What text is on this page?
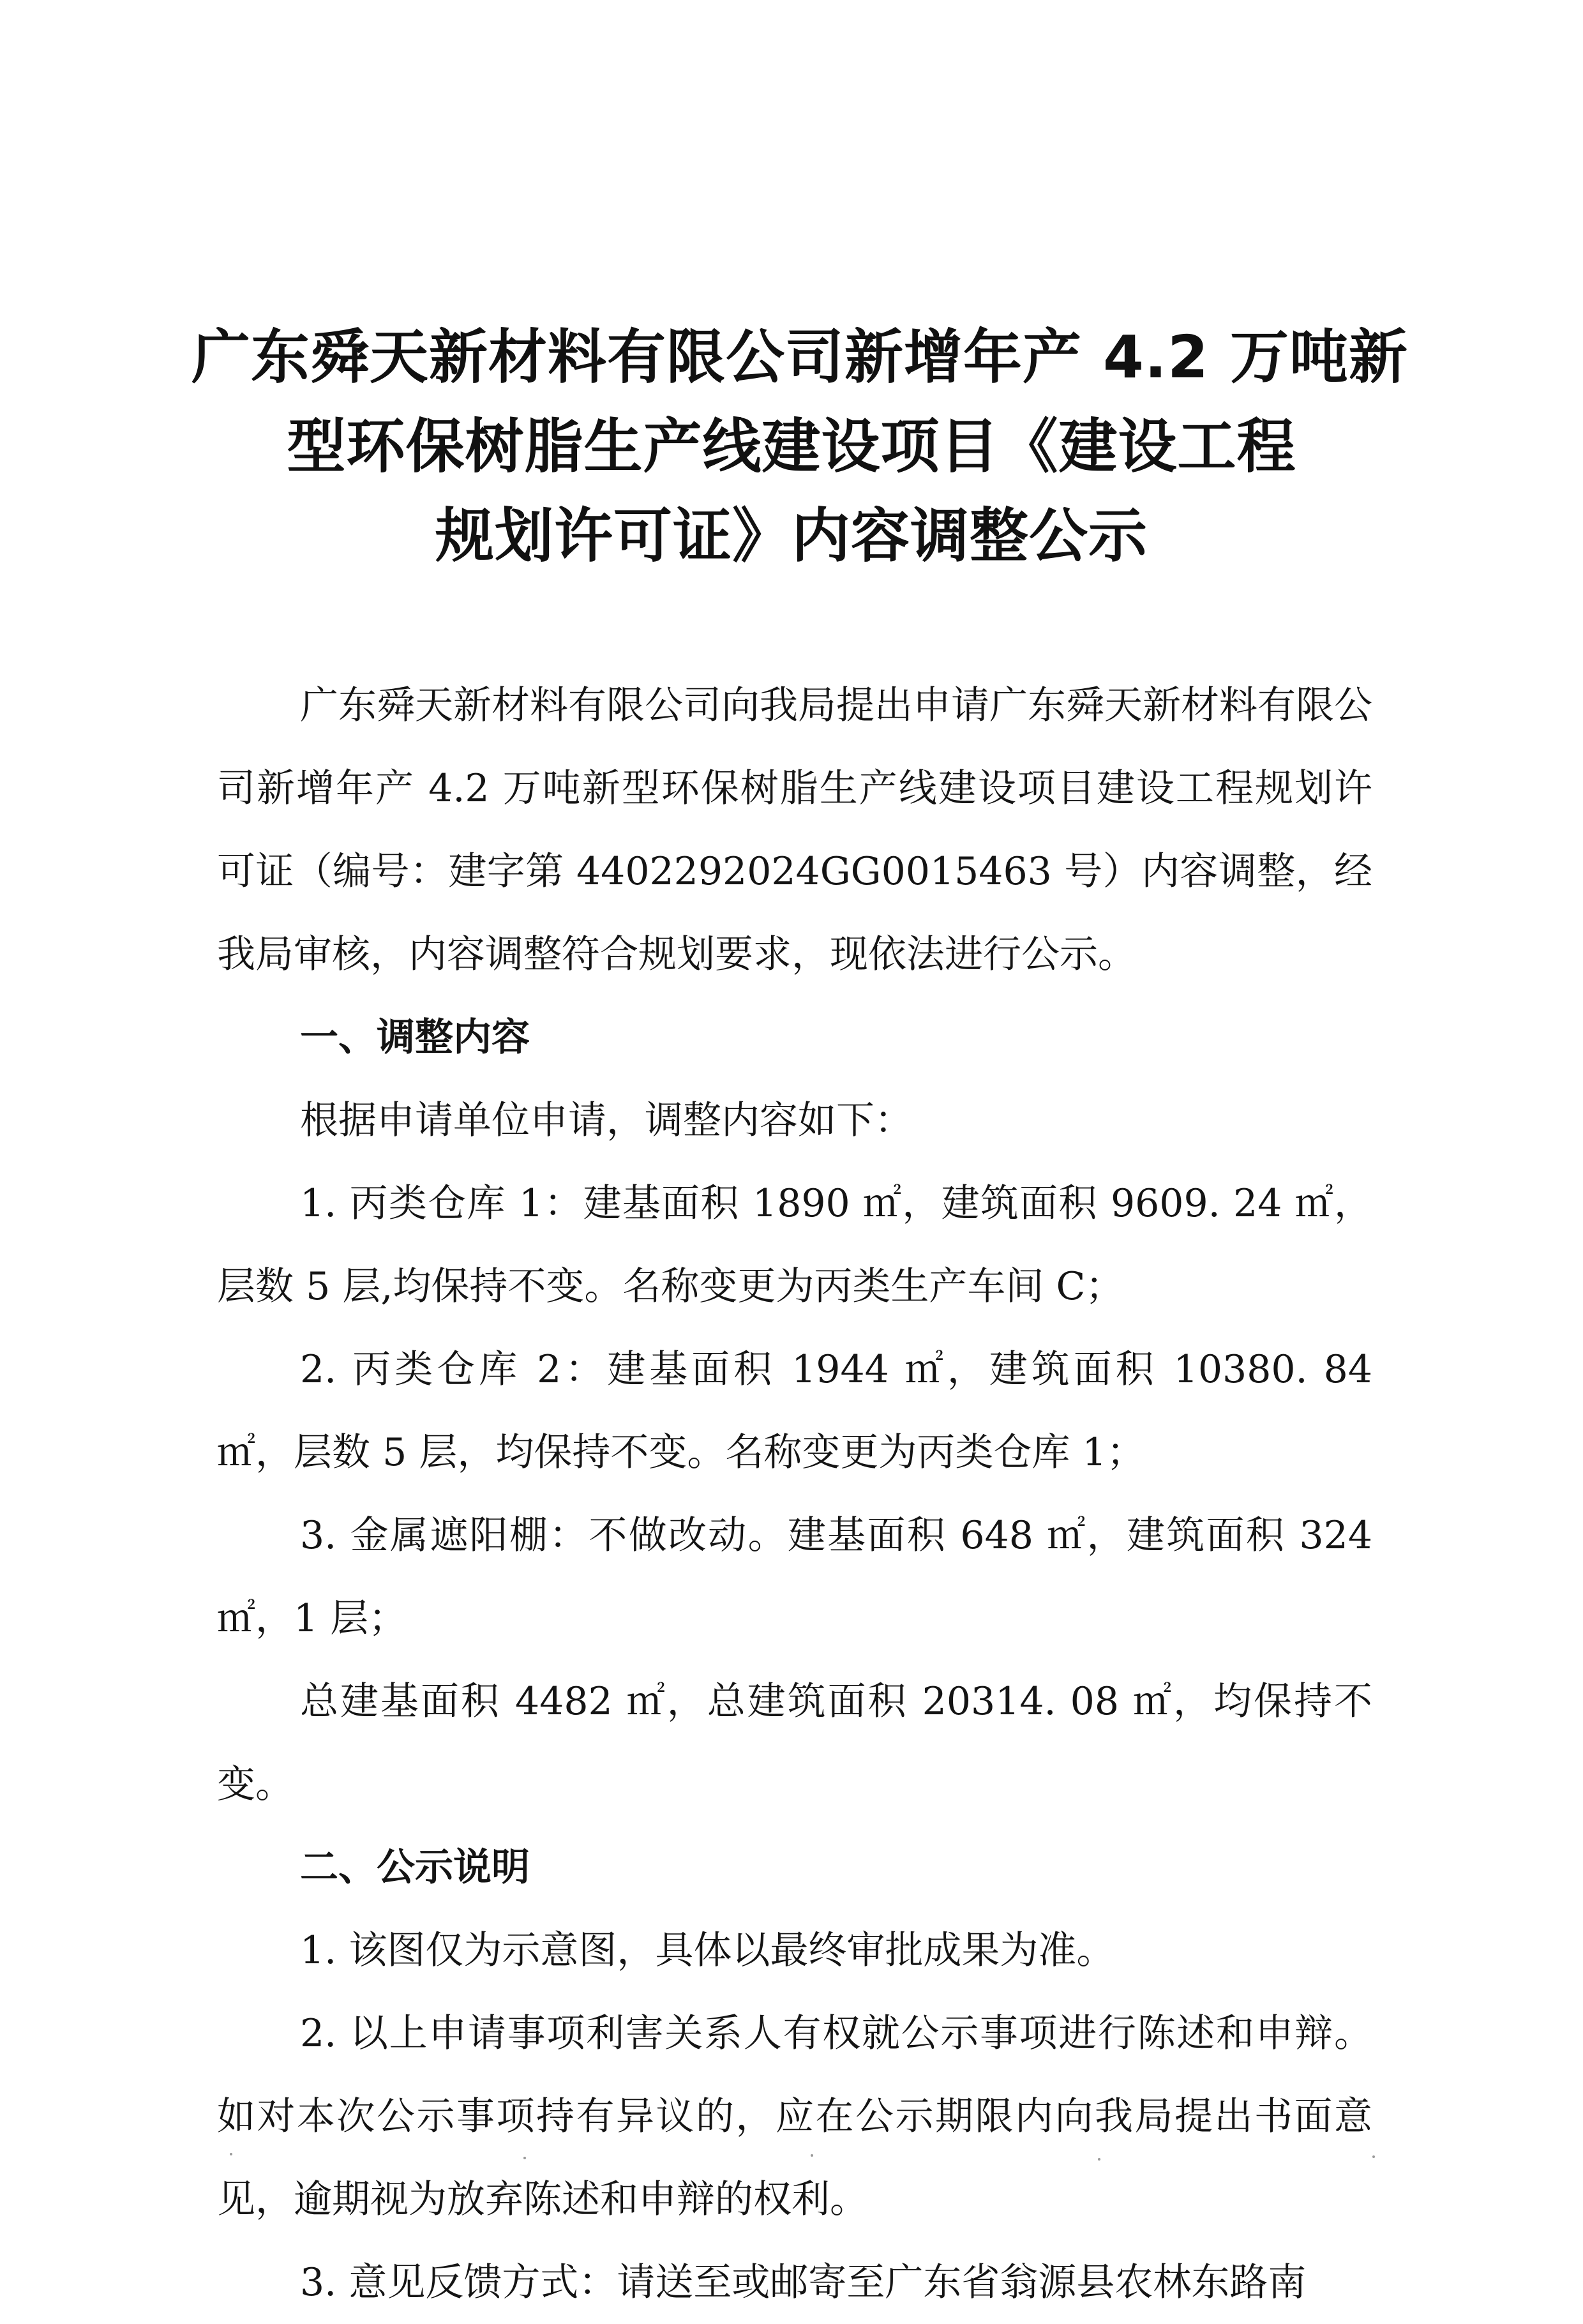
广东舜天新材料有限公司新增年产 4.2 万吨新
型环保树脂生产线建设项目《建设工程
规划许可证》内容调整公示

广东舜天新材料有限公司向我局提出申请广东舜天新材料有限公司新增年产 4.2 万吨新型环保树脂生产线建设项目建设工程规划许可证（编号：建字第 4402292024GG0015463 号）内容调整，经我局审核，内容调整符合规划要求，现依法进行公示。

一、调整内容

根据申请单位申请，调整内容如下：

1. 丙类仓库 1：建基面积 1890 ㎡，建筑面积 9609. 24 ㎡，层数 5 层,均保持不变。名称变更为丙类生产车间 C；

2. 丙类仓库 2：建基面积 1944 ㎡，建筑面积 10380. 84 ㎡，层数 5 层，均保持不变。名称变更为丙类仓库 1；

3. 金属遮阳棚：不做改动。建基面积 648 ㎡，建筑面积 324 ㎡，1 层；

总建基面积 4482 ㎡，总建筑面积 20314. 08 ㎡，均保持不变。

二、公示说明

1. 该图仅为示意图，具体以最终审批成果为准。

2. 以上申请事项利害关系人有权就公示事项进行陈述和申辩。如对本次公示事项持有异议的，应在公示期限内向我局提出书面意见，逾期视为放弃陈述和申辩的权利。

3. 意见反馈方式：请送至或邮寄至广东省翁源县农林东路南
